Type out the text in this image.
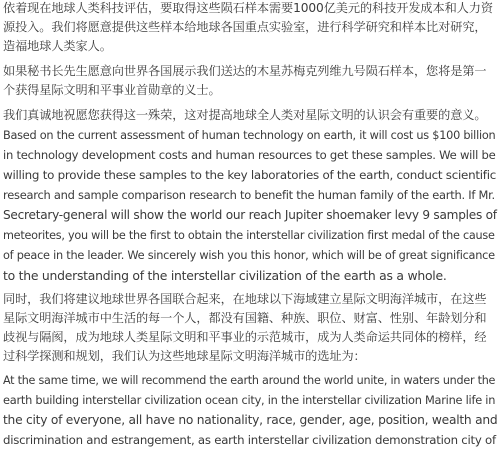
依着现在地球人类科技评估，要取得这些陨石样本需要1000亿美元的科技开发成本和人力资
源投入。我们将愿意提供这些样本给地球各国重点实验室，进行科学研究和样本比对研究，
造福地球人类家人。
如果秘书长先生愿意向世界各国展示我们送达的木星苏梅克列维九号陨石样本，您将是第一
个获得星际文明和平事业首勋章的义士。
我们真诚地祝愿您获得这一殊荣，这对提高地球全人类对星际文明的认识会有重要的意义。
Based on the current assessment of human technology on earth, it will cost us $100 billion
in technology development costs and human resources to get these samples. We will be
willing to provide these samples to the key laboratories of the earth, conduct scientific
research and sample comparison research to benefit the human family of the earth. If Mr.
Secretary-general will show the world our reach Jupiter shoemaker levy 9 samples of
meteorites, you will be the first to obtain the interstellar civilization first medal of the cause
of peace in the leader. We sincerely wish you this honor, which will be of great significance
to the understanding of the interstellar civilization of the earth as a whole.
同时，我们将建议地球世界各国联合起来，在地球以下海域建立星际文明海洋城市，在这些
星际文明海洋城市中生活的每一个人，都没有国籍、种族、职位、财富、性别、年龄划分和
歧视与隔阂，成为地球人类星际文明和平事业的示范城市，成为人类命运共同体的榜样，经
过科学探测和规划，我们认为这些地球星际文明海洋城市的选址为：
At the same time, we will recommend the earth around the world unite, in waters under the
earth building interstellar civilization ocean city, in the interstellar civilization Marine life in
the city of everyone, all have no nationality, race, gender, age, position, wealth and
discrimination and estrangement, as earth interstellar civilization demonstration city of
